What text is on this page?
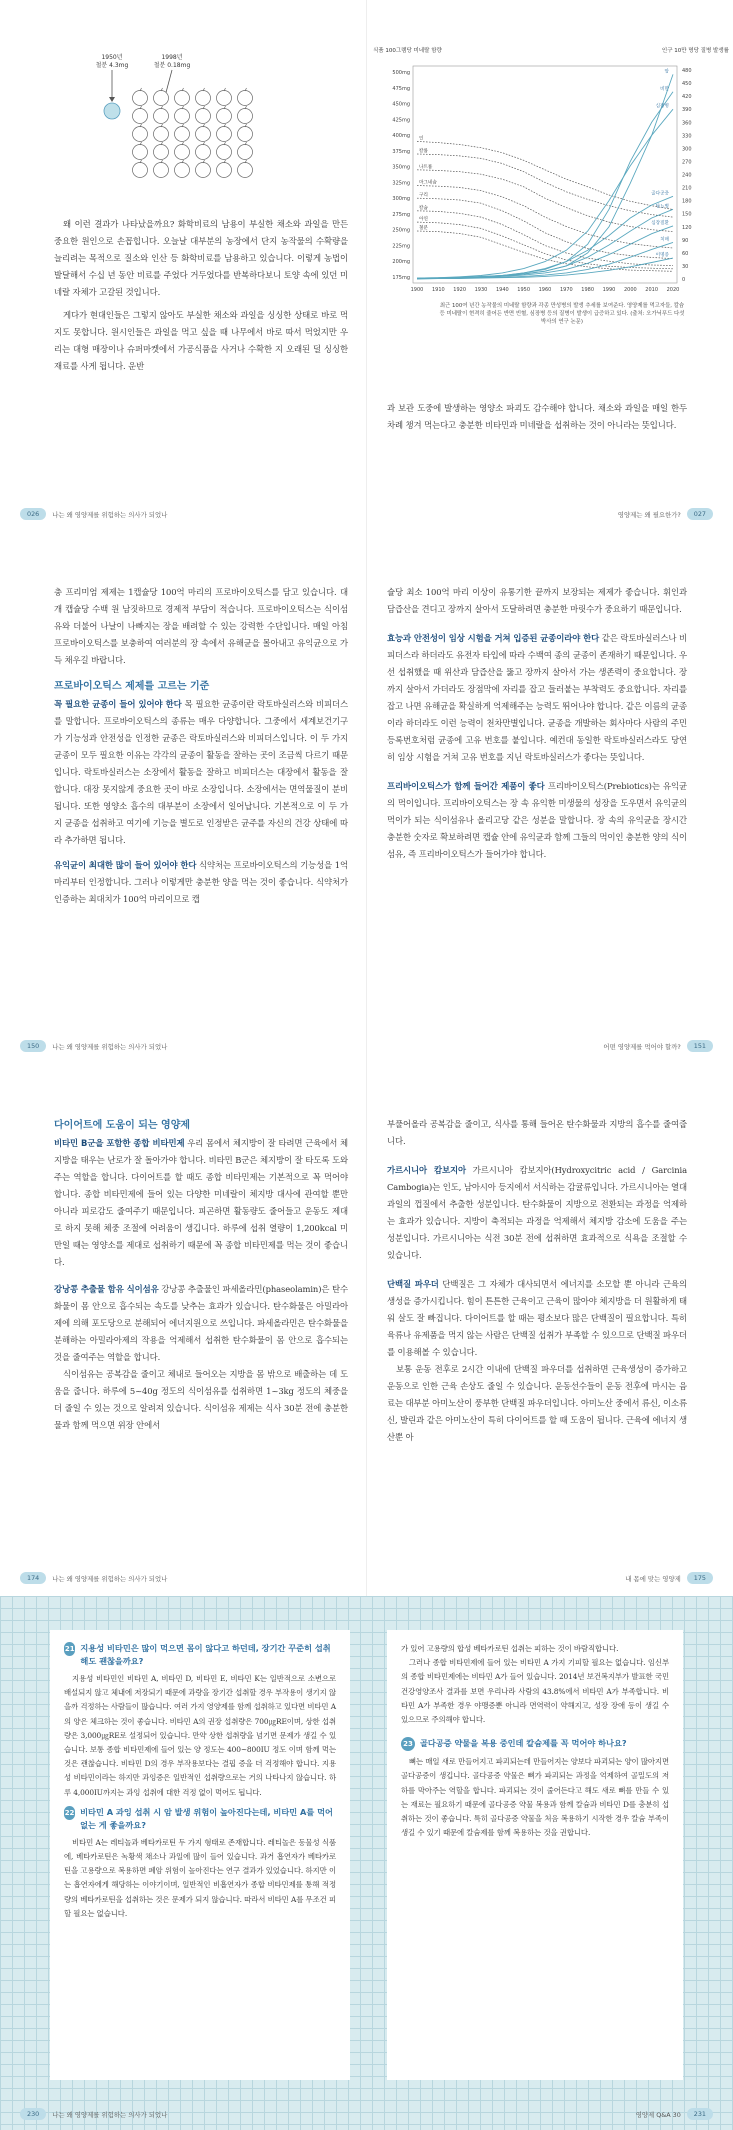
1950년
철분 4.3mg
1998년
철분 0.18mg

왜 이런 결과가 나타났을까요? 화학비료의 남용이 부실한 채소와 과일을 만든 중요한 원인으로 손꼽힙니다. 오늘날 대부분의 농장에서 단지 농작물의 수확량을 늘리려는 목적으로 질소와 인산 등 화학비료를 남용하고 있습니다. 이렇게 농법이 발달해서 수십 년 동안 비료를 주었다 거두었다를 반복하다보니 토양 속에 있던 미네랄 자체가 고갈된 것입니다.

게다가 현대인들은 그렇지 않아도 부실한 채소와 과일을 싱싱한 상태로 바로 먹지도 못합니다. 원시인들은 과일을 먹고 싶을 때 나무에서 바로 따서 먹었지만 우리는 대형 매장이나 슈퍼마켓에서 가공식품을 사거나 수확한 지 오래된 덜 싱싱한 재료를 사게 됩니다. 운반

026	나는 왜 영양제를 위험하는 의사가 되었나
식품 100그램당 미네랄 함량	인구 10만 명당 질병 발생률
500mg
475mg
450mg
425mg
400mg
375mg
350mg
325mg
300mg
275mg
250mg
225mg
200mg
175mg
480
450
420
390
360
330
300
270
240
210
180
150
120
90
60
30
0
1900 1910 1920 1930 1940 1950 1960 1970 1980 1990 2000 2010 2020
인
칼륨
나트륨
마그네슘
구리
칼슘
아연
철분
암
비만
심장병
골다공증
당뇨병
심장질환
치매
이명증
최근 100여 년간 농작물의 미네랄 함량과 각종 만성병의 발생 추세를 보여준다. 영양제를 먹고자들, 칼슘 등 미네랄이 현격히 줄어든 반면 빈혈, 심장병 등의 질병이 발생이 급증하고 있다. (출처: 오가닉푸드 다섯 박사의 연구 논문)

과 보관 도중에 발생하는 영양소 파괴도 감수해야 합니다. 채소와 과일을 매일 한두 차례 챙겨 먹는다고 충분한 비타민과 미네랄을 섭취하는 것이 아니라는 뜻입니다.

영양제는 왜 필요한가?	027

충 프리미엄 제제는 1캡슐당 100억 마리의 프로바이오틱스를 담고 있습니다. 대개 캡슐당 수백 원 남짓하므로 경제적 부담이 적습니다. 프로바이오틱스는 식이섬유와 더불어 나날이 나빠지는 장을 배려할 수 있는 강력한 수단입니다. 매일 아침 프로바이오틱스를 보충하여 여러분의 장 속에서 유해균을 몰아내고 유익균으로 가득 채우길 바랍니다.

프로바이오틱스 제제를 고르는 기준

꼭 필요한 균종이 들어 있어야 한다 목 필요한 균종이란 락토바실러스와 비피더스를 말합니다. 프로바이오틱스의 종류는 매우 다양합니다. 그중에서 세계보건기구가 기능성과 안전성을 인정한 균종은 락토바실러스와 비피더스입니다. 이 두 가지 균종이 모두 필요한 이유는 각각의 균종이 활동을 잘하는 곳이 조금씩 다르기 때문입니다. 락토바실러스는 소장에서 활동을 잘하고 비피더스는 대장에서 활동을 잘합니다. 대장 못지않게 중요한 곳이 바로 소장입니다. 소장에서는 면역물질이 분비됩니다. 또한 영양소 흡수의 대부분이 소장에서 일어납니다. 기본적으로 이 두 가지 균종을 섭취하고 여기에 기능을 별도로 인정받은 균주를 자신의 건강 상태에 따라 추가하면 됩니다.

유익균이 최대한 많이 들어 있어야 한다 식약처는 프로바이오틱스의 기능성을 1억 마리부터 인정합니다. 그러나 이렇게만 충분한 양을 먹는 것이 좋습니다. 식약처가 인증하는 최대치가 100억 마리이므로 캡

150	나는 왜 영양제를 위험하는 의사가 되었나

슐당 최소 100억 마리 이상이 유통기한 끝까지 보장되는 제제가 좋습니다. 휘인과 담즙산을 견디고 장까지 살아서 도달하려면 충분한 마릿수가 중요하기 때문입니다.

효능과 안전성이 임상 시험을 거쳐 입증된 균종이라야 한다 같은 락토바실러스나 비피더스라 하더라도 유전자 타입에 따라 수백여 종의 균종이 존재하기 때문입니다. 우선 섭취했을 때 위산과 담즙산을 뚫고 장까지 살아서 가는 생존력이 중요합니다. 장까지 살아서 가더라도 장점막에 자리를 잡고 들러붙는 부착력도 중요합니다. 자리를 잡고 나면 유해균을 확실하게 억제해주는 능력도 뛰어나야 합니다. 같은 이름의 균종이라 하더라도 이런 능력이 천차만별입니다. 균종을 개발하는 회사마다 사람의 주민등록번호처럼 균종에 고유 번호를 붙입니다. 예컨대 동일한 락토바실러스라도 당연히 임상 시험을 거쳐 고유 번호를 지닌 락토바실러스가 좋다는 뜻입니다.

프리바이오틱스가 함께 들어간 제품이 좋다 프리바이오틱스(Prebiotics)는 유익균의 먹이입니다. 프리바이오틱스는 장 속 유익한 미생물의 성장을 도우면서 유익균의 먹이가 되는 식이섬유나 올리고당 같은 성분을 말합니다. 장 속의 유익균을 장시간 충분한 숫자로 확보하려면 캡슐 안에 유익균과 함께 그들의 먹이인 충분한 양의 식이섬유, 즉 프리바이오틱스가 들어가야 합니다.

어떤 영양제를 먹어야 할까?	151
다이어트에 도움이 되는 영양제

비타민 B군을 포함한 종합 비타민제 우리 몸에서 체지방이 잘 타려면 근육에서 체지방을 태우는 난로가 잘 돌아가야 합니다. 비타민 B군은 체지방이 잘 타도록 도와주는 역할을 합니다. 다이어트를 할 때도 종합 비타민제는 기본적으로 꼭 먹어야 합니다. 종합 비타민제에 들어 있는 다양한 미네랄이 체지방 대사에 관여할 뿐만 아니라 피로감도 줄여주기 때문입니다. 피곤하면 활동량도 줄어들고 운동도 제대로 하지 못해 체중 조절에 어려움이 생깁니다. 하루에 섭취 열량이 1,200kcal 미만일 때는 영양소를 제대로 섭취하기 때문에 꼭 종합 비타민제를 먹는 것이 좋습니다.

강낭콩 추출물 함유 식이섬유 강낭콩 추출물인 파세올라민(phaseolamin)은 탄수화물이 몸 안으로 흡수되는 속도를 낮추는 효과가 있습니다. 탄수화물은 아밀라아제에 의해 포도당으로 분해되어 에너지원으로 쓰입니다. 파세올라민은 탄수화물을 분해하는 아밀라아제의 작용을 억제해서 섭취한 탄수화물이 몸 안으로 흡수되는 것을 줄여주는 역할을 합니다.

식이섬유는 공복감을 줄이고 체내로 들어오는 지방을 몸 밖으로 배출하는 데 도움을 줍니다. 하루에 5~40g 정도의 식이섬유를 섭취하면 1~3kg 정도의 체중을 더 줄일 수 있는 것으로 알려져 있습니다. 식이섬유 제제는 식사 30분 전에 충분한 물과 함께 먹으면 위장 안에서

174	나는 왜 영양제를 위험하는 의사가 되었나

부풀어올라 공복감을 줄이고, 식사를 통해 들어온 탄수화물과 지방의 흡수를 줄여줍니다.

가르시니아 캄보지아 가르시니아 캄보지아(Hydroxycitric acid / Garcinia Cambogia)는 인도, 남아시아 등지에서 서식하는 감귤류입니다. 가르시니아는 열대 과일의 껍질에서 추출한 성분입니다. 탄수화물이 지방으로 전환되는 과정을 억제하는 효과가 있습니다. 지방이 축적되는 과정을 억제해서 체지방 감소에 도움을 주는 성분입니다. 가르시니아는 식전 30분 전에 섭취하면 효과적으로 식욕을 조절할 수 있습니다.

단백질 파우더 단백질은 그 자체가 대사되면서 에너지를 소모할 뿐 아니라 근육의 생성을 증가시킵니다. 힘이 튼튼한 근육이고 근육이 많아야 체지방을 더 원활하게 태워 살도 잘 빠집니다. 다이어트를 할 때는 평소보다 많은 단백질이 필요합니다. 특히 육류나 유제품을 먹지 않는 사람은 단백질 섭취가 부족할 수 있으므로 단백질 파우더를 이용해볼 수 있습니다.

보통 운동 전후로 2시간 이내에 단백질 파우더를 섭취하면 근육생성이 증가하고 운동으로 인한 근육 손상도 줄일 수 있습니다. 운동선수들이 운동 전후에 마시는 음료는 대부분 아미노산이 풍부한 단백질 파우더입니다. 아미노산 중에서 류신, 이소류신, 발린과 같은 아미노산이 특히 다이어트를 할 때 도움이 됩니다. 근육에 에너지 생산뿐 아

내 몸에 맞는 영양제	175
21 지용성 비타민은 많이 먹으면 몸이 않다고 하던데, 장기간 꾸준히 섭취해도 괜찮을까요?

지용성 비타민인 비타민 A, 비타민 D, 비타민 E, 비타민 K는 일반적으로 소변으로 배설되지 않고 체내에 저장되기 때문에 과량을 장기간 섭취할 경우 부작용이 생기지 않을까 걱정하는 사람들이 많습니다. 여러 가지 영양제를 함께 섭취하고 있다면 비타민 A의 양은 체크하는 것이 좋습니다. 비타민 A의 권장 섭취량은 700㎍RE이며, 상한 섭취량은 3,000㎍RE로 설정되어 있습니다. 만약 상한 섭취량을 넘기면 문제가 생길 수 있습니다. 보통 종합 비타민제에 들어 있는 양 정도는 400~800IU 정도 이며 함께 먹는 것은 괜찮습니다. 비타민 D의 경우 부작용보다는 결핍 증을 더 걱정해야 합니다. 지용성 비타민이라는 하지만 과잉증은 일반적인 섭취량으로는 거의 나타나지 않습니다. 하루 4,000IU까지는 과잉 섭취에 대한 걱정 없이 먹어도 됩니다.

22 비타민 A 과잉 섭취 시 암 발생 위험이 높아진다는데, 비타민 A를 먹어 없는 게 좋을까요?

비타민 A는 레티놀과 베타카로틴 두 가지 형태로 존재합니다. 레티놀은 동물성 식품에, 베타카로틴은 녹황색 채소나 과일에 많이 들어 있습니다. 과거 흡연자가 베타카로틴을 고용량으로 복용하면 폐암 위험이 높아진다는 연구 결과가 있었습니다. 하지만 이는 흡연자에게 해당하는 이야기이며, 일반적인 비흡연자가 종합 비타민제를 통해 적정량의 베타카로틴을 섭취하는 것은 문제가 되지 않습니다. 따라서 비타민 A를 무조건 피할 필요는 없습니다.

230	나는 왜 영양제를 위험하는 의사가 되었나

가 있어 고용량의 합성 베타카로틴 섭취는 피하는 것이 바람직합니다.

그러나 종합 비타민제에 들어 있는 비타민 A 가지 기피할 필요는 없습니다. 임신부의 종합 비타민제에는 비타민 A가 들어 있습니다. 2014년 보건복지부가 발표한 국민건강영양조사 결과를 보면 우리나라 사람의 43.8%에서 비타민 A가 부족합니다. 비타민 A가 부족한 경우 야맹증뿐 아니라 면역력이 약해지고, 성장 장애 등이 생길 수 있으므로 주의해야 합니다.

23 골다공증 약물을 복용 중인데 칼슘제를 꼭 먹어야 하나요?

뼈는 매일 새로 만들어지고 파괴되는데 만들어지는 양보다 파괴되는 양이 많아지면 골다공증이 생깁니다. 골다공증 약물은 뼈가 파괴되는 과정을 억제하여 골밀도의 저하를 막아주는 역할을 합니다. 파괴되는 것이 줄어든다고 해도 새로 뼈를 만들 수 있는 재료는 필요하기 때문에 골다공증 약물 복용과 함께 칼슘과 비타민 D를 충분히 섭취하는 것이 좋습니다. 특히 골다공증 약물을 처음 복용하기 시작한 경우 칼슘 부족이 생길 수 있기 때문에 칼슘제를 함께 복용하는 것을 권합니다.

영양제 Q&A 30	231
